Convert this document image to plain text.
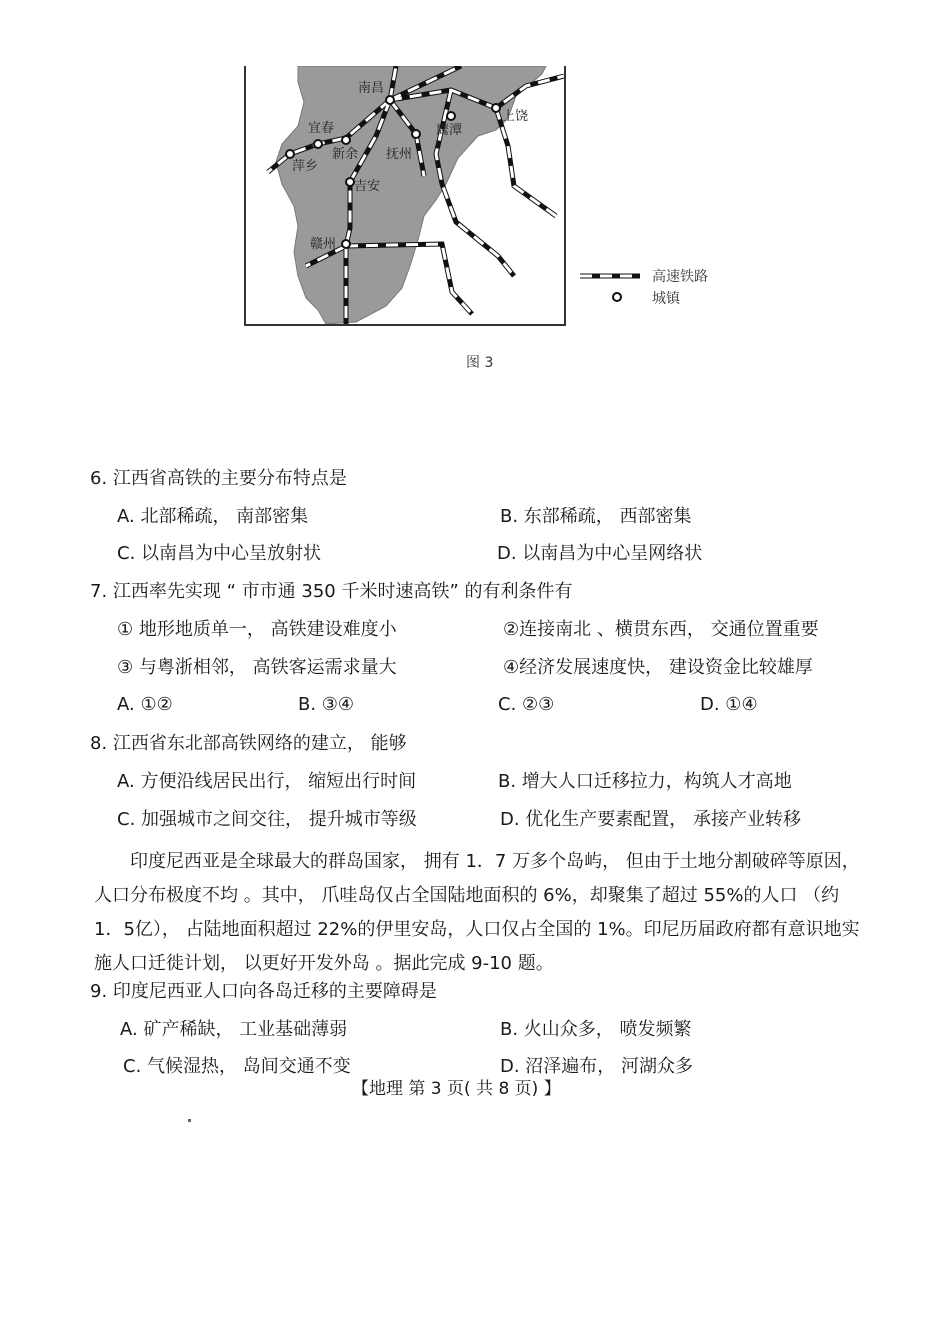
南昌
宜春
萍乡
新余 抚州
鹰潭
上饶
吉安
赣州
高速铁路
城镇
图 3
6. 江西省高铁的主要分布特点是
A. 北部稀疏， 南部密集	B. 东部稀疏， 西部密集
C. 以南昌为中心呈放射状	D. 以南昌为中心呈网络状
7. 江西率先实现 “ 市市通 350 千米时速高铁” 的有利条件有
① 地形地质单一， 高铁建设难度小	②连接南北 、横贯东西， 交通位置重要
③ 与粤浙相邻， 高铁客运需求量大	④经济发展速度快， 建设资金比较雄厚
A. ①②	B. ③④	C. ②③	D. ①④
8. 江西省东北部高铁网络的建立， 能够
A. 方便沿线居民出行， 缩短出行时间	B. 增大人口迁移拉力，构筑人才高地
C. 加强城市之间交往， 提升城市等级	D. 优化生产要素配置， 承接产业转移
　　印度尼西亚是全球最大的群岛国家， 拥有 1．7 万多个岛屿， 但由于土地分割破碎等原因，人口分布极度不均 。其中， 爪哇岛仅占全国陆地面积的 6%，却聚集了超过 55%的人口 （约 1．5亿）， 占陆地面积超过 22%的伊里安岛，人口仅占全国的 1%。印尼历届政府都有意识地实施人口迁徙计划， 以更好开发外岛 。据此完成 9-10 题。
9. 印度尼西亚人口向各岛迁移的主要障碍是
A. 矿产稀缺， 工业基础薄弱	B. 火山众多， 喷发频繁
C. 气候湿热， 岛间交通不变	D. 沼泽遍布， 河湖众多
【地理 第 3 页( 共 8 页) 】
